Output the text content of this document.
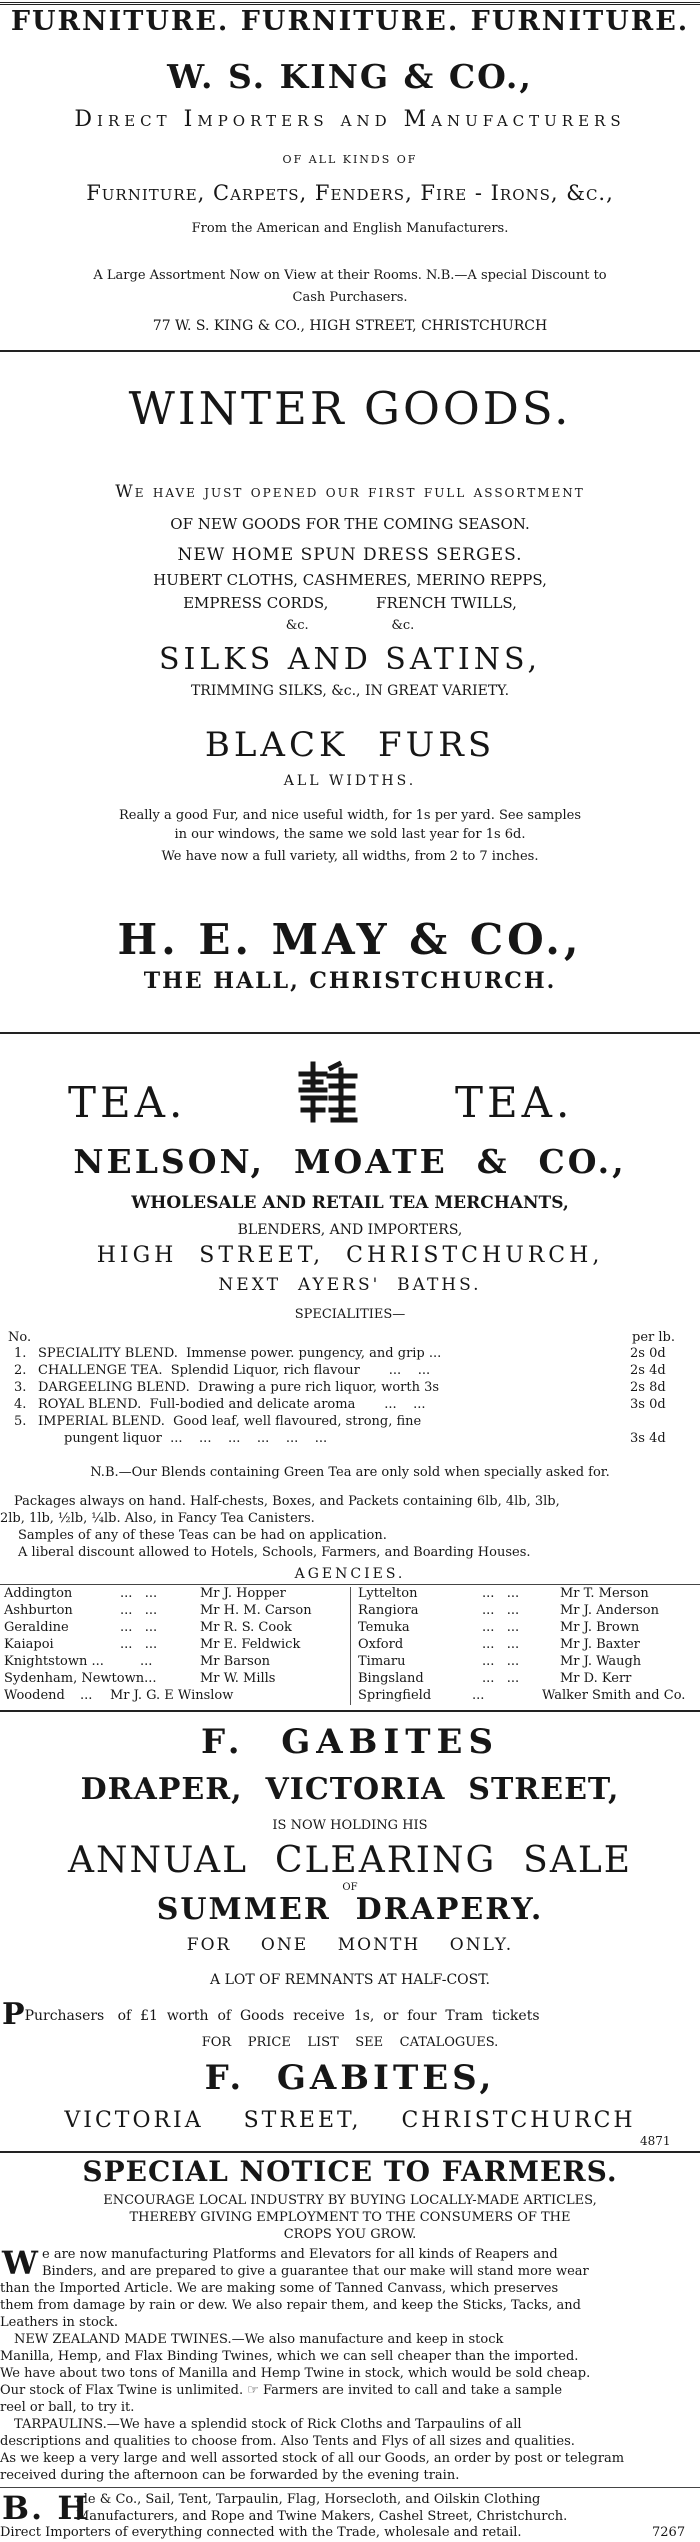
FURNITURE. FURNITURE. FURNITURE.
W. S. KING & CO.,
Direct Importers and Manufacturers
OF ALL KINDS OF
Furniture, Carpets, Fenders, Fire - Irons, &c.,
From the American and English Manufacturers.
A Large Assortment Now on View at their Rooms. N.B.—A special Discount to
Cash Purchasers.
77 W. S. KING & CO., HIGH STREET, CHRISTCHURCH
WINTER GOODS.
We have just opened our first full assortment
OF NEW GOODS FOR THE COMING SEASON.
NEW HOME SPUN DRESS SERGES.
HUBERT CLOTHS, CASHMERES, MERINO REPPS,
EMPRESS CORDS,          FRENCH TWILLS,
&c.                    &c.
SILKS AND SATINS,
TRIMMING SILKS, &c., IN GREAT VARIETY.
BLACK  FURS
ALL WIDTHS.
Really a good Fur, and nice useful width, for 1s per yard. See samples
in our windows, the same we sold last year for 1s 6d.
We have now a full variety, all widths, from 2 to 7 inches.
H. E. MAY & CO.,
THE HALL, CHRISTCHURCH.
TEA.	TEA.
NELSON,  MOATE  &  CO.,
WHOLESALE AND RETAIL TEA MERCHANTS,
BLENDERS, AND IMPORTERS,
HIGH  STREET,  CHRISTCHURCH,
NEXT  AYERS'  BATHS.
SPECIALITIES—
No.	per lb.
1. SPECIALITY BLEND.  Immense power. pungency, and grip ...	2s 0d
2. CHALLENGE TEA.  Splendid Liquor, rich flavour       ...    ...	2s 4d
3. DARGEELING BLEND.  Drawing a pure rich liquor, worth 3s	2s 8d
4. ROYAL BLEND.  Full-bodied and delicate aroma       ...    ...	3s 0d
5. IMPERIAL BLEND.  Good leaf, well flavoured, strong, fine
pungent liquor  ...    ...    ...    ...    ...    ...	3s 4d
N.B.—Our Blends containing Green Tea are only sold when specially asked for.
Packages always on hand. Half-chests, Boxes, and Packets containing 6lb, 4lb, 3lb,
2lb, 1lb, ½lb, ¼lb. Also, in Fancy Tea Canisters.
Samples of any of these Teas can be had on application.
A liberal discount allowed to Hotels, Schools, Farmers, and Boarding Houses.
AGENCIES.
Addington	...   ...	Mr J. Hopper	Lyttelton	...   ...	Mr T. Merson
Ashburton	...   ...	Mr H. M. Carson	Rangiora	...   ...	Mr J. Anderson
Geraldine	...   ...	Mr R. S. Cook	Temuka	...   ...	Mr J. Brown
Kaiapoi	...   ...	Mr E. Feldwick	Oxford	...   ...	Mr J. Baxter
Knightstown ...	...	Mr Barson	Timaru	...   ...	Mr J. Waugh
Sydenham, Newtown...	Mr W. Mills	Bingsland	...   ...	Mr D. Kerr
Woodend ... Mr J. G. E Winslow	Springfield	...	Walker Smith and Co.
F.  GABITES
DRAPER,  VICTORIA  STREET,
IS NOW HOLDING HIS
ANNUAL  CLEARING  SALE
OF
SUMMER  DRAPERY.
FOR    ONE    MONTH    ONLY.
A LOT OF REMNANTS AT HALF-COST.
PPurchasers   of  £1  worth  of  Goods  receive  1s,  or  four  Tram  tickets
FOR    PRICE    LIST    SEE    CATALOGUES.
F.  GABITES,
VICTORIA    STREET,    CHRISTCHURCH
4871
SPECIAL NOTICE TO FARMERS.
ENCOURAGE LOCAL INDUSTRY BY BUYING LOCALLY-MADE ARTICLES,
THEREBY GIVING EMPLOYMENT TO THE CONSUMERS OF THE
CROPS YOU GROW.
W e are now manufacturing Platforms and Elevators for all kinds of Reapers and
Binders, and are prepared to give a guarantee that our make will stand more wear
than the Imported Article. We are making some of Tanned Canvass, which preserves
them from damage by rain or dew. We also repair them, and keep the Sticks, Tacks, and
Leathers in stock.
NEW ZEALAND MADE TWINES.—We also manufacture and keep in stock
Manilla, Hemp, and Flax Binding Twines, which we can sell cheaper than the imported.
We have about two tons of Manilla and Hemp Twine in stock, which would be sold cheap.
Our stock of Flax Twine is unlimited. ☞ Farmers are invited to call and take a sample
reel or ball, to try it.
TARPAULINS.—We have a splendid stock of Rick Cloths and Tarpaulins of all
descriptions and qualities to choose from. Also Tents and Flys of all sizes and qualities.
As we keep a very large and well assorted stock of all our Goods, an order by post or telegram
received during the afternoon can be forwarded by the evening train.
B. H
ale & Co., Sail, Tent, Tarpaulin, Flag, Horsecloth, and Oilskin Clothing
Manufacturers, and Rope and Twine Makers, Cashel Street, Christchurch.
Direct Importers of everything connected with the Trade, wholesale and retail.	7267
